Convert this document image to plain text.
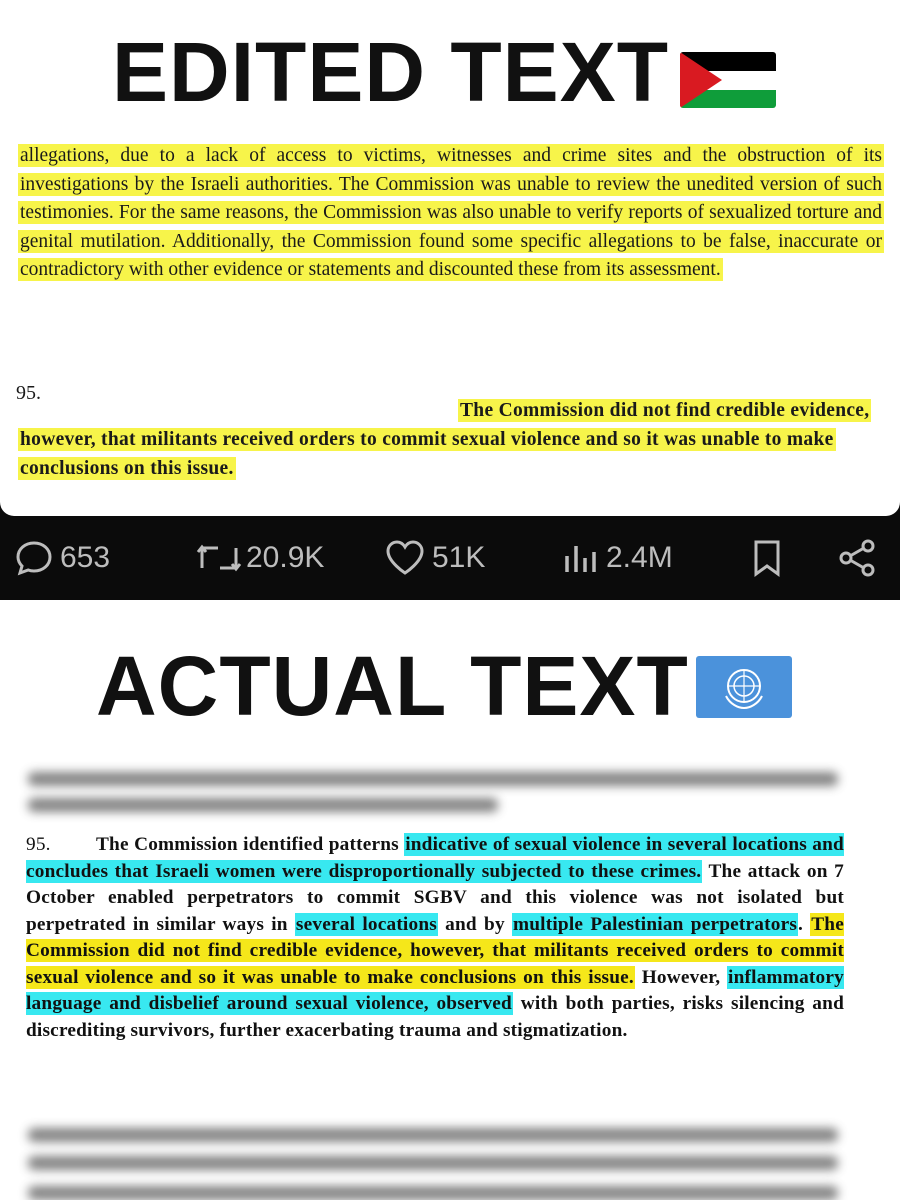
EDITED TEXT
allegations, due to a lack of access to victims, witnesses and crime sites and the obstruction of its investigations by the Israeli authorities. The Commission was unable to review the unedited version of such testimonies. For the same reasons, the Commission was also unable to verify reports of sexualized torture and genital mutilation. Additionally, the Commission found some specific allegations to be false, inaccurate or contradictory with other evidence or statements and discounted these from its assessment.
95.
The Commission did not find credible evidence, however, that militants received orders to commit sexual violence and so it was unable to make conclusions on this issue.
653	20.9K	51K	2.4M
ACTUAL TEXT
95. The Commission identified patterns indicative of sexual violence in several locations and concludes that Israeli women were disproportionally subjected to these crimes. The attack on 7 October enabled perpetrators to commit SGBV and this violence was not isolated but perpetrated in similar ways in several locations and by multiple Palestinian perpetrators. The Commission did not find credible evidence, however, that militants received orders to commit sexual violence and so it was unable to make conclusions on this issue. However, inflammatory language and disbelief around sexual violence, observed with both parties, risks silencing and discrediting survivors, further exacerbating trauma and stigmatization.
